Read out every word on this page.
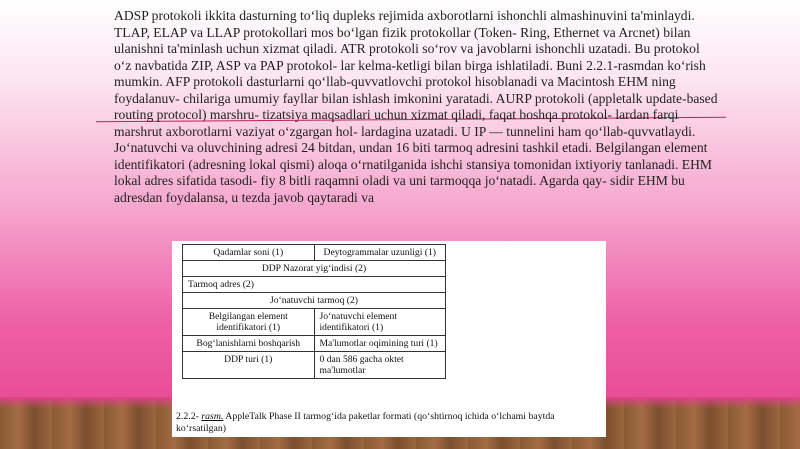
ADSP protokoli ikkita dasturning to‘liq dupleks rejimida axborotlarni ishonchli almashinuvini ta'minlaydi. TLAP, ELAP va LLAP protokollari mos bo‘lgan fizik protokollar (Token- Ring, Ethernet va Arcnet) bilan ulanishni ta'minlash uchun xizmat qiladi. ATR protokoli so‘rov va javoblarni ishonchli uzatadi. Bu protokol o‘z navbatida ZIP, ASP va PAP protokol- lar kelma-ketligi bilan birga ishlatiladi. Buni 2.2.1-rasmdan ko‘rish mumkin. AFP protokoli dasturlarni qo‘llab-quvvatlovchi protokol hisoblanadi va Macintosh EHM ning foydalanuv- chilariga umumiy fayllar bilan ishlash imkonini yaratadi. AURP protokoli (appletalk update-based routing protocol) marshru- tizatsiya maqsadlari uchun xizmat qiladi, faqat boshqa protokol- lardan farqi marshrut axborotlarni vaziyat o‘zgargan hol- lardagina uzatadi. U IP — tunnelini ham qo‘llab-quvvatlaydi.

Jo‘natuvchi va oluvchining adresi 24 bitdan, undan 16 biti tarmoq adresini tashkil etadi. Belgilangan element identifikatori (adresning lokal qismi) aloqa o‘rnatilganida ishchi stansiya tomonidan ixtiyoriy tanlanadi. EHM lokal adres sifatida tasodi- fiy 8 bitli raqamni oladi va uni tarmoqqa jo‘natadi. Agarda qay- sidir EHM bu adresdan foydalansa, u tezda javob qaytaradi va

Qadamlar soni (1)	Deytogrammalar uzunligi (1)
DDP Nazorat yig‘indisi (2)	
Tarmoq adres (2)	
Jo‘natuvchi tarmoq (2)	
Belgilangan element identifikatori (1)	Jo‘natuvchi element identifikatori (1)
Bog‘lanishlarni boshqarish	Ma'lumotlar oqimining turi (1)
DDP turi (1)	0 dan 586 gacha oktet ma'lumotlar
2.2.2- rasm. AppleTalk Phase II tarmog‘ida paketlar formati (qo‘shtirnoq ichida o‘lchami baytda ko‘rsatilgan)
